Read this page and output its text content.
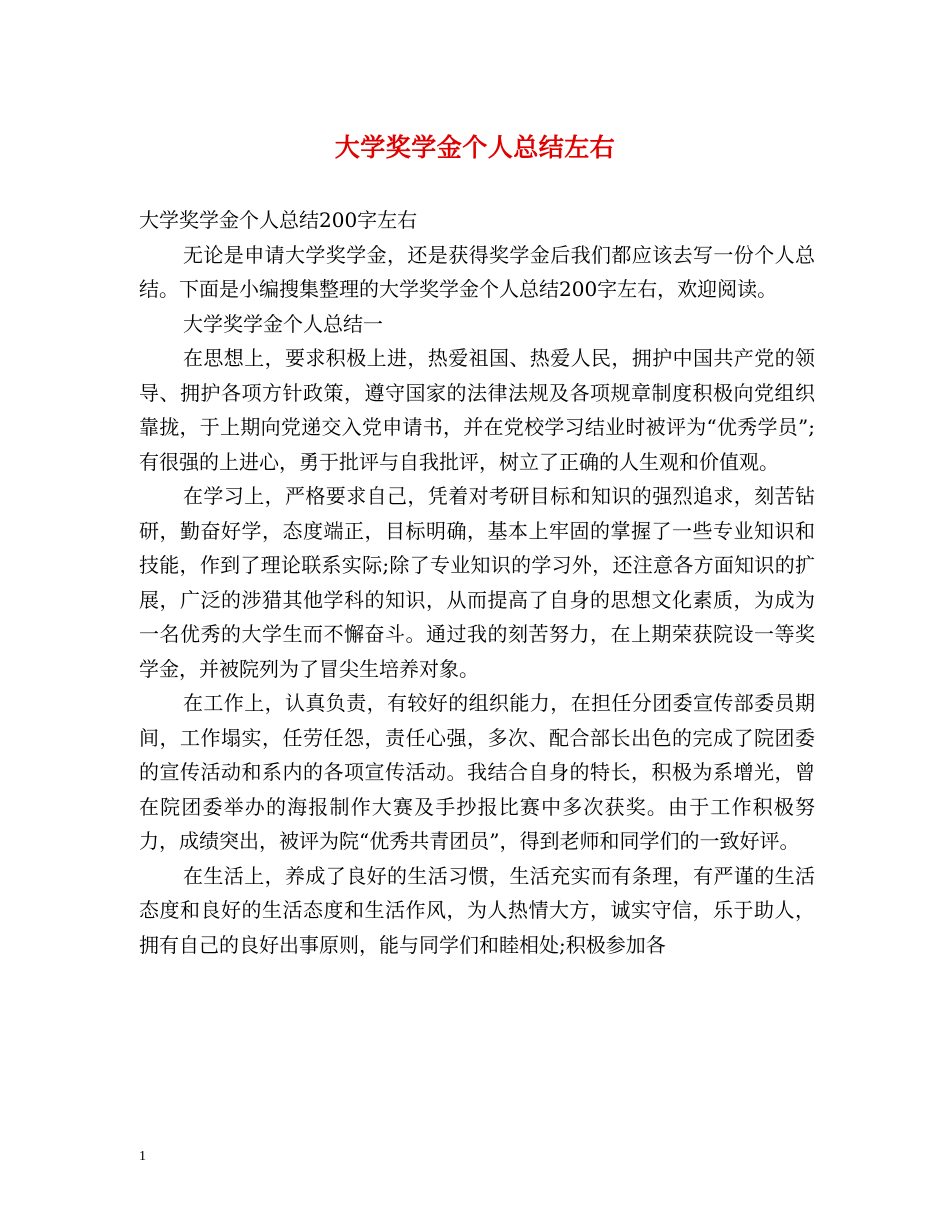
大学奖学金个人总结左右

大学奖学金个人总结200字左右

无论是申请大学奖学金，还是获得奖学金后我们都应该去写一份个人总结。下面是小编搜集整理的大学奖学金个人总结200字左右，欢迎阅读。

大学奖学金个人总结一

在思想上，要求积极上进，热爱祖国、热爱人民，拥护中国共产党的领导、拥护各项方针政策，遵守国家的法律法规及各项规章制度积极向党组织靠拢，于上期向党递交入党申请书，并在党校学习结业时被评为“优秀学员”;有很强的上进心，勇于批评与自我批评，树立了正确的人生观和价值观。

在学习上，严格要求自己，凭着对考研目标和知识的强烈追求，刻苦钻研，勤奋好学，态度端正，目标明确，基本上牢固的掌握了一些专业知识和技能，作到了理论联系实际;除了专业知识的学习外，还注意各方面知识的扩展，广泛的涉猎其他学科的知识，从而提高了自身的思想文化素质，为成为一名优秀的大学生而不懈奋斗。通过我的刻苦努力，在上期荣获院设一等奖学金，并被院列为了冒尖生培养对象。

在工作上，认真负责，有较好的组织能力，在担任分团委宣传部委员期间，工作塌实，任劳任怨，责任心强，多次、配合部长出色的完成了院团委的宣传活动和系内的各项宣传活动。我结合自身的特长，积极为系增光，曾在院团委举办的海报制作大赛及手抄报比赛中多次获奖。由于工作积极努力，成绩突出，被评为院“优秀共青团员”，得到老师和同学们的一致好评。

在生活上，养成了良好的生活习惯，生活充实而有条理，有严谨的生活态度和良好的生活态度和生活作风，为人热情大方，诚实守信，乐于助人，拥有自己的良好出事原则，能与同学们和睦相处;积极参加各

1
